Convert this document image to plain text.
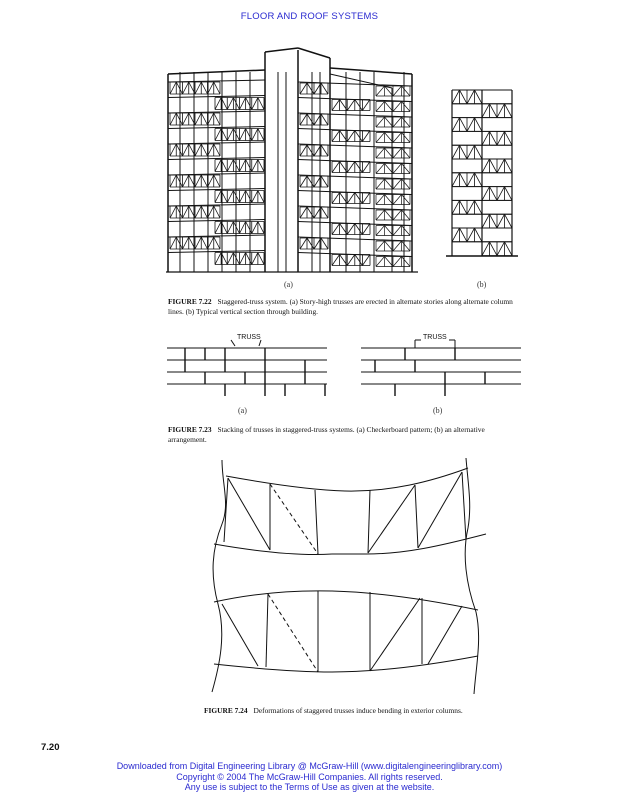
FLOOR AND ROOF SYSTEMS
(a)	(b)
FIGURE 7.22 Staggered-truss system. (a) Story-high trusses are erected in alternate stories along alternate column lines. (b) Typical vertical section through building.
TRUSS	TRUSS
(a)	(b)
FIGURE 7.23 Stacking of trusses in staggered-truss systems. (a) Checkerboard pattern; (b) an alternative arrangement.
FIGURE 7.24 Deformations of staggered trusses induce bending in exterior columns.
7.20
Downloaded from Digital Engineering Library @ McGraw-Hill (www.digitalengineeringlibrary.com)
Copyright © 2004 The McGraw-Hill Companies. All rights reserved.
Any use is subject to the Terms of Use as given at the website.
